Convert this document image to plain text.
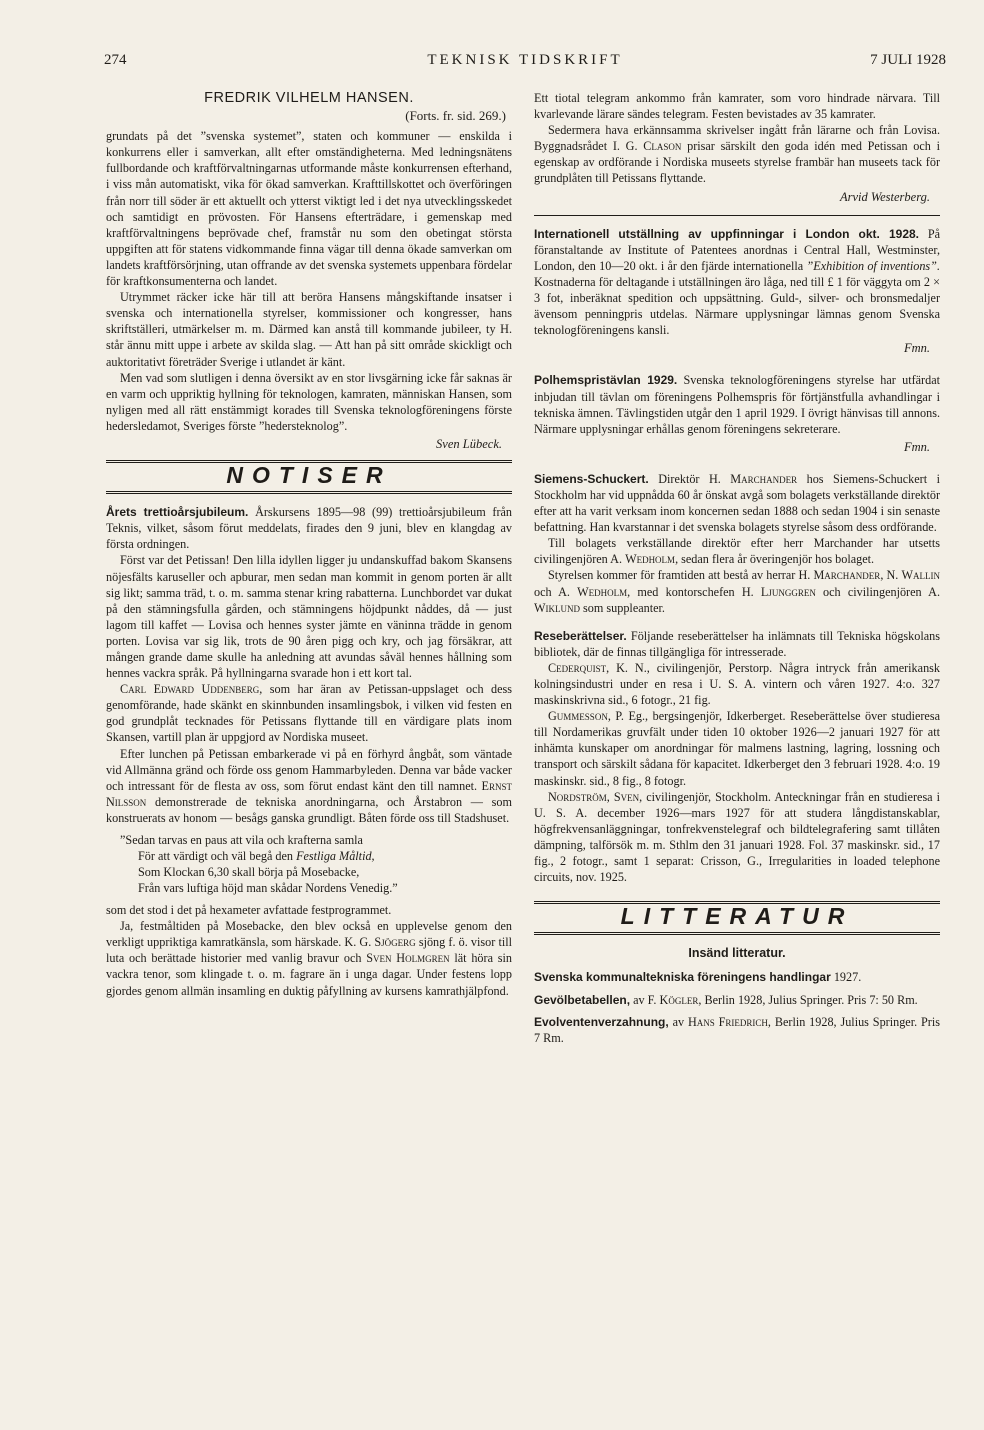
274	TEKNISK TIDSKRIFT	7 JULI 1928
FREDRIK VILHELM HANSEN.
(Forts. fr. sid. 269.)

grundats på det ”svenska systemet”, staten och kommuner — enskilda i konkurrens eller i samverkan, allt efter omständigheterna. Med ledningsnätens fullbordande och kraftförvaltningarnas utformande måste konkurrensen efterhand, i viss mån automatiskt, vika för ökad samverkan. Krafttillskottet och överföringen från norr till söder är ett aktuellt och ytterst viktigt led i det nya utvecklingsskedet och samtidigt en prövosten. För Hansens efterträdare, i gemenskap med kraftförvaltningens beprövade chef, framstår nu som den obetingat största uppgiften att för statens vidkommande finna vägar till denna ökade samverkan om landets kraftförsörjning, utan offrande av det svenska systemets uppenbara fördelar för kraftkonsumenterna och landet.

Utrymmet räcker icke här till att beröra Hansens mångskiftande insatser i svenska och internationella styrelser, kommissioner och kongresser, hans skriftställeri, utmärkelser m. m. Därmed kan anstå till kommande jubileer, ty H. står ännu mitt uppe i arbete av skilda slag. — Att han på sitt område skickligt och auktoritativt företräder Sverige i utlandet är känt.

Men vad som slutligen i denna översikt av en stor livsgärning icke får saknas är en varm och uppriktig hyllning för teknologen, kamraten, människan Hansen, som nyligen med all rätt enstämmigt korades till Svenska teknologföreningens förste hedersledamot, Sveriges förste ”hedersteknolog”.

Sven Lübeck.
NOTISER

Årets trettioårsjubileum. Årskursens 1895—98 (99) trettioårsjubileum från Teknis, vilket, såsom förut meddelats, firades den 9 juni, blev en klangdag av första ordningen.

Först var det Petissan! Den lilla idyllen ligger ju undanskuffad bakom Skansens nöjesfälts karuseller och apburar, men sedan man kommit in genom porten är allt sig likt; samma träd, t. o. m. samma stenar kring rabatterna. Lunchbordet var dukat på den stämningsfulla gården, och stämningens höjdpunkt nåddes, då — just lagom till kaffet — Lovisa och hennes syster jämte en väninna trädde in genom porten. Lovisa var sig lik, trots de 90 åren pigg och kry, och jag försäkrar, att mången grande dame skulle ha anledning att avundas såväl hennes hållning som hennes vackra språk. På hyllningarna svarade hon i ett kort tal.

Carl Edward Uddenberg, som har äran av Petissan-uppslaget och dess genomförande, hade skänkt en skinnbunden insamlingsbok, i vilken vid festen en god grundplåt tecknades för Petissans flyttande till en värdigare plats inom Skansen, vartill plan är uppgjord av Nordiska museet.

Efter lunchen på Petissan embarkerade vi på en förhyrd ångbåt, som väntade vid Allmänna gränd och förde oss genom Hammarbyleden. Denna var både vacker och intressant för de flesta av oss, som förut endast känt den till namnet. Ernst Nilsson demonstrerade de tekniska anordningarna, och Årstabron — som konstruerats av honom — besågs ganska grundligt. Båten förde oss till Stadshuset.

”Sedan tarvas en paus att vila och krafterna samla
För att värdigt och väl begå den Festliga Måltid,
Som Klockan 6,30 skall börja på Mosebacke,
Från vars luftiga höjd man skådar Nordens Venedig.”

som det stod i det på hexameter avfattade festprogrammet.

Ja, festmåltiden på Mosebacke, den blev också en upplevelse genom den verkligt uppriktiga kamratkänsla, som härskade. K. G. Sjögerg sjöng f. ö. visor till luta och berättade historier med vanlig bravur och Sven Holmgren lät höra sin vackra tenor, som klingade t. o. m. fagrare än i unga dagar. Under festens lopp gjordes genom allmän insamling en duktig påfyllning av kursens kamrathjälpfond.

Ett tiotal telegram ankommo från kamrater, som voro hindrade närvara. Till kvarlevande lärare sändes telegram. Festen bevistades av 35 kamrater.

Sedermera hava erkännsamma skrivelser ingått från lärarne och från Lovisa. Byggnadsrådet I. G. Clason prisar särskilt den goda idén med Petissan och i egenskap av ordförande i Nordiska museets styrelse frambär han museets tack för grundplåten till Petissans flyttande.

Arvid Westerberg.

Internationell utställning av uppfinningar i London okt. 1928. På föranstaltande av Institute of Patentees anordnas i Central Hall, Westminster, London, den 10—20 okt. i år den fjärde internationella ”Exhibition of inventions”. Kostnaderna för deltagande i utställningen äro låga, ned till £ 1 för väggyta om 2 × 3 fot, inberäknat spedition och uppsättning. Guld-, silver- och bronsmedaljer ävensom penningpris utdelas. Närmare upplysningar lämnas genom Svenska teknologföreningens kansli.

Fmn.

Polhemspristävlan 1929. Svenska teknologföreningens styrelse har utfärdat inbjudan till tävlan om föreningens Polhemspris för förtjänstfulla avhandlingar i tekniska ämnen. Tävlingstiden utgår den 1 april 1929. I övrigt hänvisas till annons. Närmare upplysningar erhållas genom föreningens sekreterare.

Fmn.

Siemens-Schuckert. Direktör H. Marchander hos Siemens-Schuckert i Stockholm har vid uppnådda 60 år önskat avgå som bolagets verkställande direktör efter att ha varit verksam inom koncernen sedan 1888 och sedan 1904 i sin senaste befattning. Han kvarstannar i det svenska bolagets styrelse såsom dess ordförande.

Till bolagets verkställande direktör efter herr Marchander har utsetts civilingenjören A. Wedholm, sedan flera år överingenjör hos bolaget.

Styrelsen kommer för framtiden att bestå av herrar H. Marchander, N. Wallin och A. Wedholm, med kontorschefen H. Ljunggren och civilingenjören A. Wiklund som suppleanter.

Reseberättelser. Följande reseberättelser ha inlämnats till Tekniska högskolans bibliotek, där de finnas tillgängliga för intresserade.

Cederquist, K. N., civilingenjör, Perstorp. Några intryck från amerikansk kolningsindustri under en resa i U. S. A. vintern och våren 1927. 4:o. 327 maskinskrivna sid., 6 fotogr., 21 fig.

Gummesson, P. Eg., bergsingenjör, Idkerberget. Reseberättelse över studieresa till Nordamerikas gruvfält under tiden 10 oktober 1926—2 januari 1927 för att inhämta kunskaper om anordningar för malmens lastning, lagring, lossning och transport och särskilt sådana för kapacitet. Idkerberget den 3 februari 1928. 4:o. 19 maskinskr. sid., 8 fig., 8 fotogr.

Nordström, Sven, civilingenjör, Stockholm. Anteckningar från en studieresa i U. S. A. december 1926—mars 1927 för att studera långdistanskablar, högfrekvensanläggningar, tonfrekvenstelegraf och bildtelegrafering samt tillåten dämpning, talförsök m. m. Sthlm den 31 januari 1928. Fol. 37 maskinskr. sid., 17 fig., 2 fotogr., samt 1 separat: Crisson, G., Irregularities in loaded telephone circuits, nov. 1925.

LITTERATUR
Insänd litteratur.

Svenska kommunaltekniska föreningens handlingar 1927.

Gevölbetabellen, av F. Kögler, Berlin 1928, Julius Springer. Pris 7: 50 Rm.

Evolventenverzahnung, av Hans Friedrich, Berlin 1928, Julius Springer. Pris 7 Rm.
